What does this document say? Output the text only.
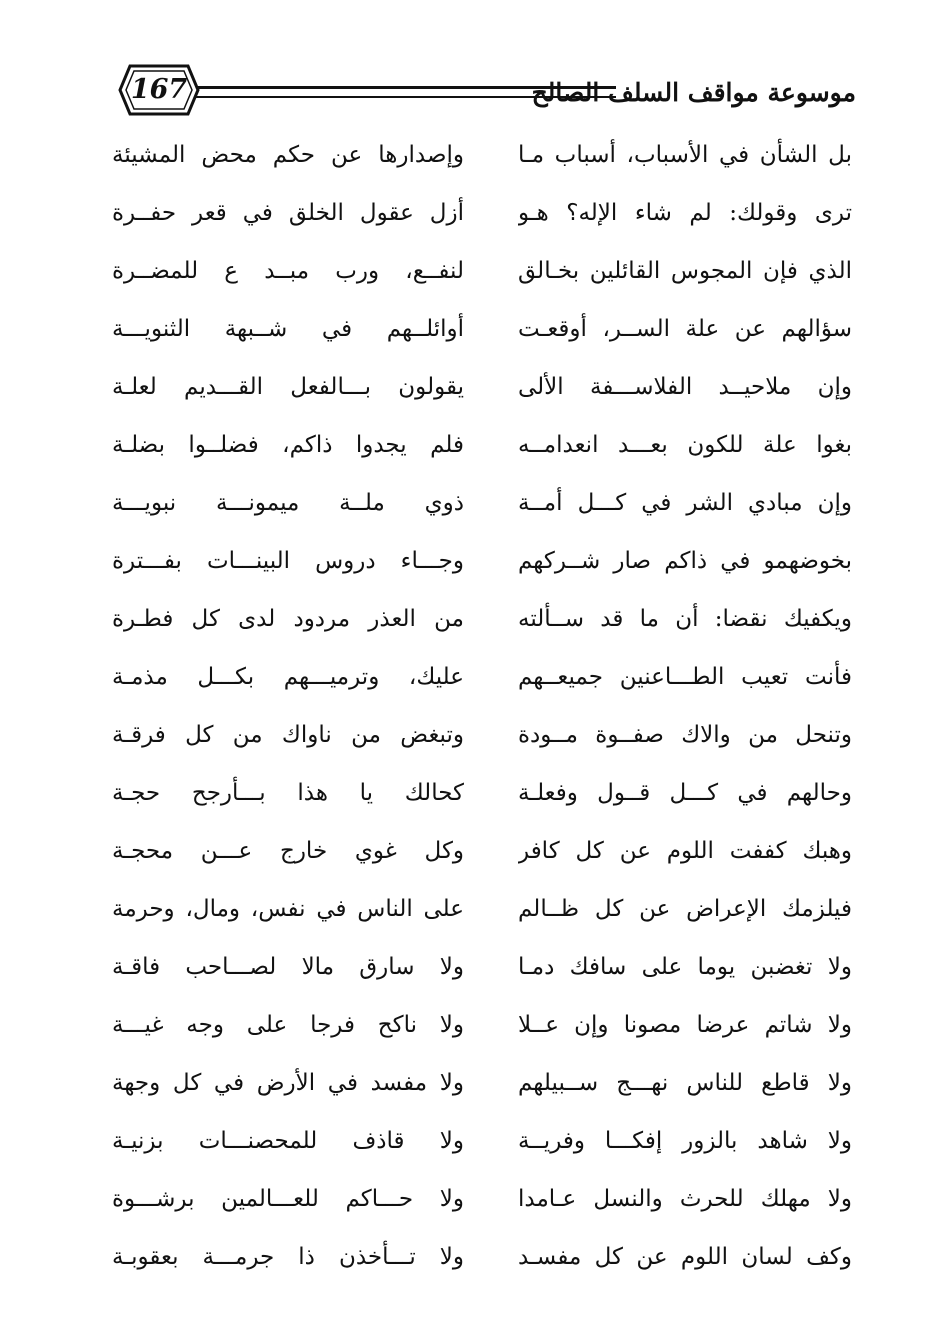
167	موسوعة مواقف السلف الصالح
بل الشأن في الأسباب، أسباب مـا
وإصدارها عن حكم محض المشيئة
ترى وقولك: لم شاء الإله؟ هـو
أزل عقول الخلق في قعر حفــرة
الذي فإن المجوس القائلين بخـالق
لنفــع، ورب مبــد ع للمضــرة
سؤالهم عن علة الســر، أوقعـت
أوائلــهم في شــبهة الثنويـــة
وإن ملاحيــد الفلاســـفة الألى
يقولون بـــالفعل القـــديم لعلـة
بغوا علة للكون بعـــد انعدامــه
فلم يجدوا ذاكم، فضلــوا بضلـة
وإن مبادي الشر في كـــل أمــة
ذوي ملــة ميمونـــة نبويـــة
بخوضهمو في ذاكم صار شــركهم
وجـــاء دروس البينـــات بفـــترة
ويكفيك نقضا: أن ما قد ســألته
من العذر مردود لدى كل فطـرة
فأنت تعيب الطـــاعنين جميعــهم
عليك، وترميـــهم بكـــل مذمـة
وتنحل من والاك صفــوة مــودة
وتبغض من ناواك من كل فرقـة
وحالهم في كـــل قــول وفعلـة
كحالك يا هذا بـــأرجح حجـة
وهبك كففت اللوم عن كل كافر
وكل غوي خارج عـــن محجـة
فيلزمك الإعراض عن كل ظــالم
على الناس في نفس، ومال، وحرمة
ولا تغضبن يوما على سافك دمـا
ولا سارق مالا لصـــاحب فاقـة
ولا شاتم عرضا مصونا وإن عــلا
ولا ناكح فرجا على وجه غيـــة
ولا قاطع للناس نهـــج ســبيلهم
ولا مفسد في الأرض في كل وجهة
ولا شاهد بالزور إفكـــا وفريــة
ولا قاذف للمحصنـــات بزنيـة
ولا مهلك للحرث والنسل عـامدا
ولا حـــاكم للعـــالمين برشـــوة
وكف لسان اللوم عن كل مفسـد
ولا تـــأخذن ذا جرمـــة بعقوبـة
